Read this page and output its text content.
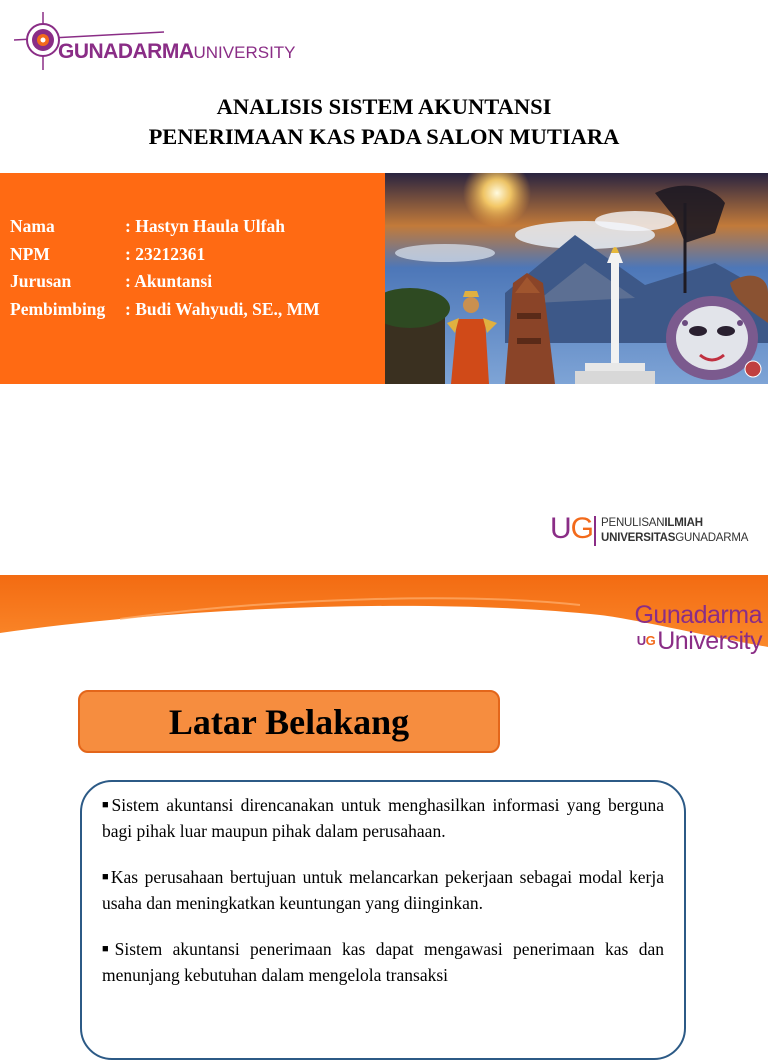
GUNADARMAUNIVERSITY
ANALISIS SISTEM AKUNTANSI
PENERIMAAN KAS PADA SALON MUTIARA
Nama	: Hastyn Haula Ulfah
NPM	: 23212361
Jurusan	: Akuntansi
Pembimbing	: Budi Wahyudi, SE., MM
UG PENULISANILMIAH
UNIVERSITASGUNADARMA
Gunadarma
UGUniversity
Latar Belakang

■Sistem akuntansi direncanakan untuk menghasilkan informasi yang berguna bagi pihak luar maupun pihak dalam perusahaan.

■Kas perusahaan bertujuan untuk melancarkan pekerjaan sebagai modal kerja usaha dan meningkatkan keuntungan yang diinginkan.

■Sistem akuntansi penerimaan kas dapat mengawasi penerimaan kas dan menunjang kebutuhan dalam mengelola transaksi
